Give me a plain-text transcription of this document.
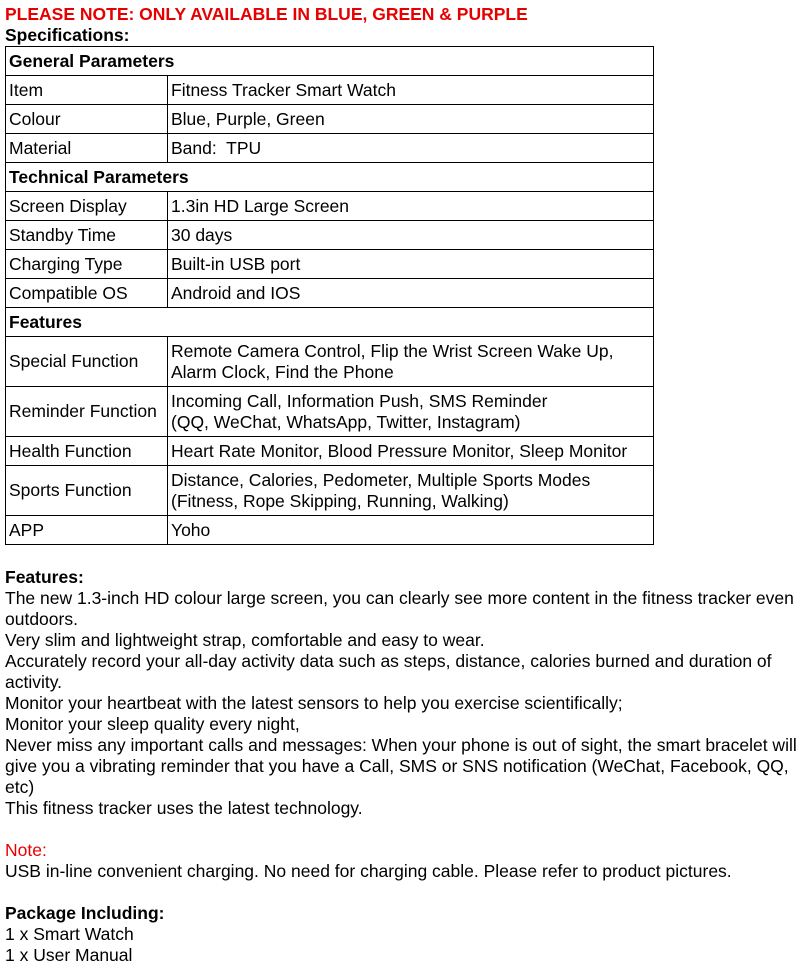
PLEASE NOTE: ONLY AVAILABLE IN BLUE, GREEN & PURPLE
Specifications:
General Parameters	
Item	Fitness Tracker Smart Watch
Colour	Blue, Purple, Green
Material	Band:  TPU
Technical Parameters	
Screen Display	1.3in HD Large Screen
Standby Time	30 days
Charging Type	Built-in USB port
Compatible OS	Android and IOS
Features	
Special Function	Remote Camera Control, Flip the Wrist Screen Wake Up,
Alarm Clock, Find the Phone

Reminder Function	Incoming Call, Information Push, SMS Reminder
(QQ, WeChat, WhatsApp, Twitter, Instagram)

Health Function	Heart Rate Monitor, Blood Pressure Monitor, Sleep Monitor
Sports Function	Distance, Calories, Pedometer, Multiple Sports Modes
(Fitness, Rope Skipping, Running, Walking)

APP	Yoho
Features:

The new 1.3-inch HD colour large screen, you can clearly see more content in the fitness tracker even outdoors.

Very slim and lightweight strap, comfortable and easy to wear.

Accurately record your all-day activity data such as steps, distance, calories burned and duration of activity.

Monitor your heartbeat with the latest sensors to help you exercise scientifically;

Monitor your sleep quality every night,

Never miss any important calls and messages: When your phone is out of sight, the smart bracelet will give you a vibrating reminder that you have a Call, SMS or SNS notification (WeChat, Facebook, QQ, etc)

This fitness tracker uses the latest technology.

Note:
USB in-line convenient charging. No need for charging cable. Please refer to product pictures.
Package Including:
1 x Smart Watch
1 x User Manual
